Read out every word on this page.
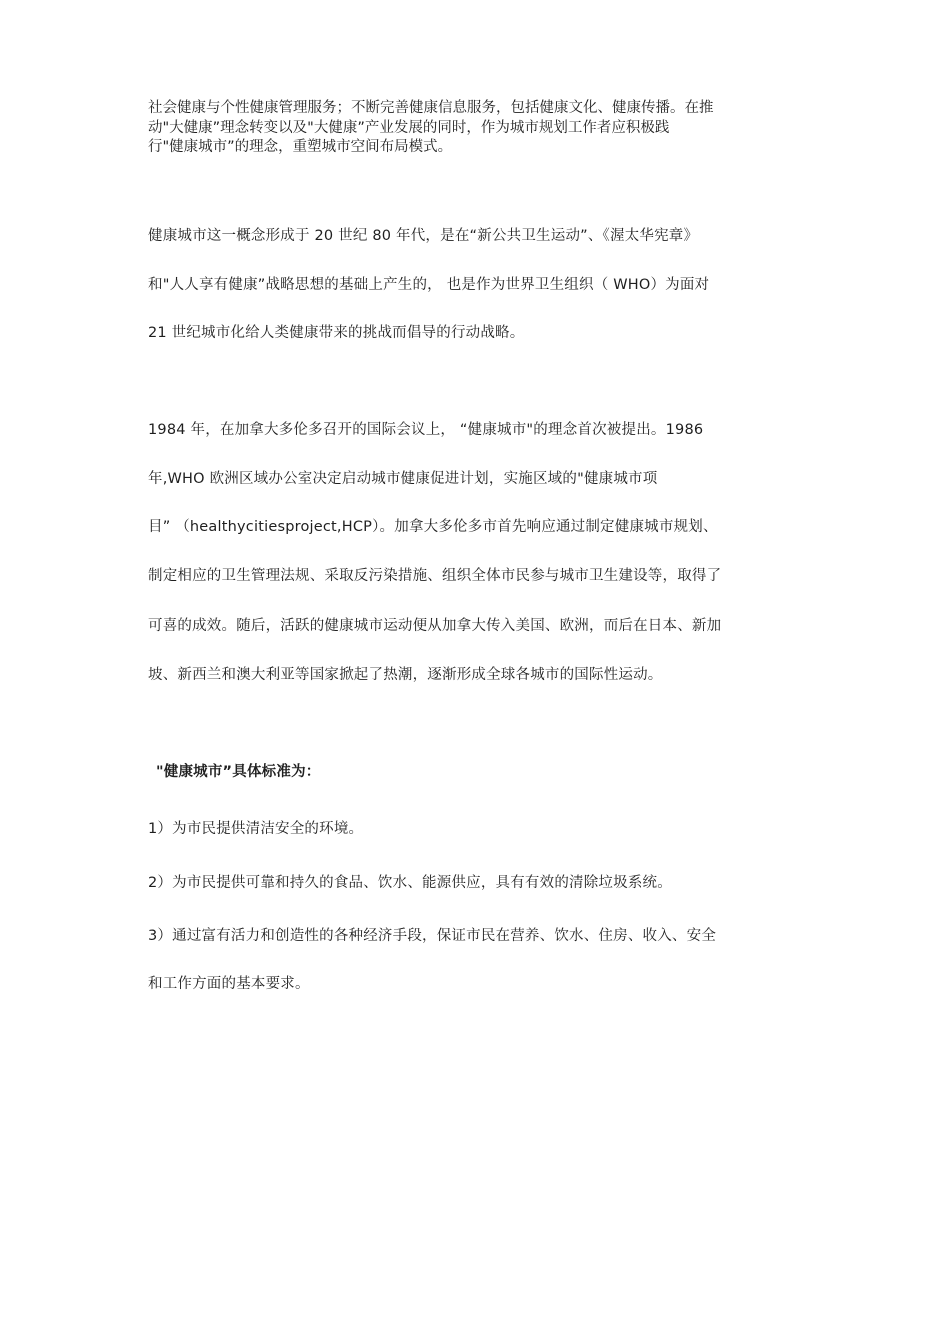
社会健康与个性健康管理服务；不断完善健康信息服务，包括健康文化、健康传播。在推
动"大健康”理念转变以及"大健康”产业发展的同时，作为城市规划工作者应积极践
行"健康城市”的理念，重塑城市空间布局模式。
健康城市这一概念形成于 20 世纪 80 年代，是在“新公共卫生运动”、《渥太华宪章》
和"人人享有健康”战略思想的基础上产生的， 也是作为世界卫生组织（ WHO）为面对
21 世纪城市化给人类健康带来的挑战而倡导的行动战略。
1984 年，在加拿大多伦多召开的国际会议上， “健康城市"的理念首次被提出。1986
年,WHO 欧洲区域办公室决定启动城市健康促进计划，实施区域的"健康城市项
目” （healthycitiesproject,HCP）。加拿大多伦多市首先响应通过制定健康城市规划、
制定相应的卫生管理法规、采取反污染措施、组织全体市民参与城市卫生建设等，取得了
可喜的成效。随后，活跃的健康城市运动便从加拿大传入美国、欧洲，而后在日本、新加
坡、新西兰和澳大利亚等国家掀起了热潮，逐渐形成全球各城市的国际性运动。
"健康城市”具体标准为：
1）为市民提供清洁安全的环境。
2）为市民提供可靠和持久的食品、饮水、能源供应，具有有效的清除垃圾系统。
3）通过富有活力和创造性的各种经济手段，保证市民在营养、饮水、住房、收入、安全
和工作方面的基本要求。
